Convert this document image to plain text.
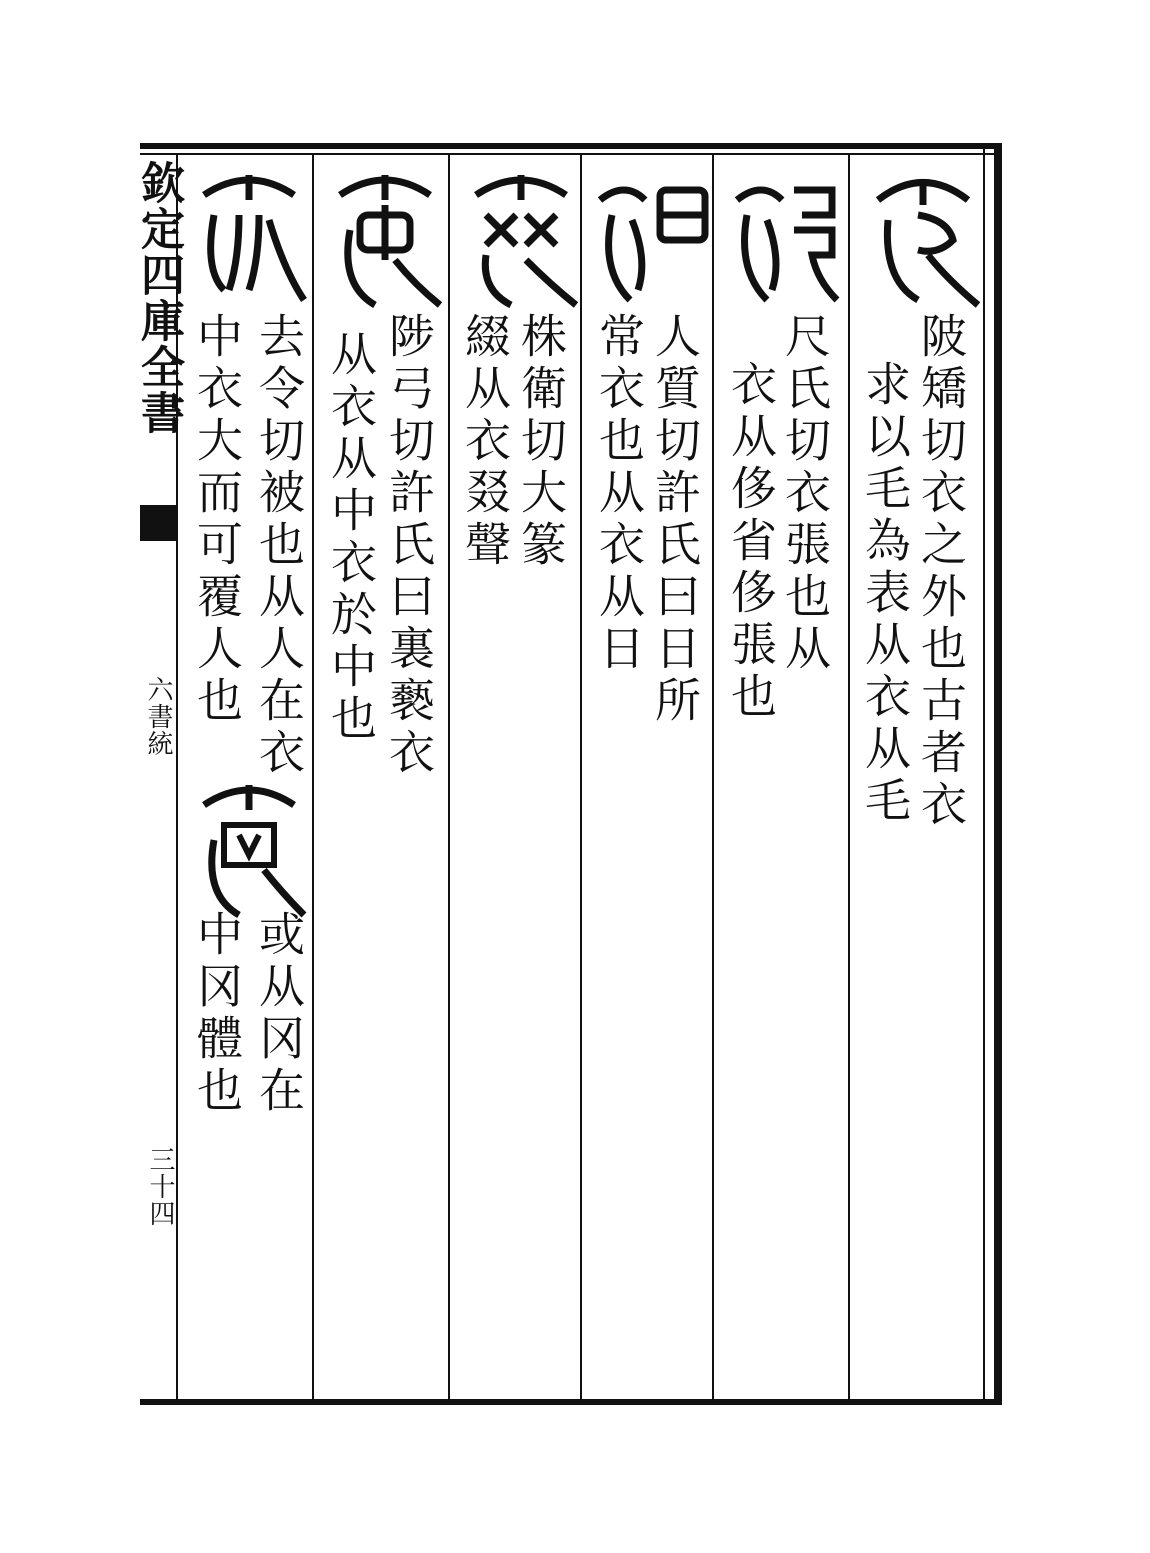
欽定四庫全書
六書統
三十四
陂矯切衣之外也古者衣
求以毛為表从衣从毛
尺氏切衣張也从
衣从侈省侈張也
人質切許氏曰日所
常衣也从衣从日
株衛切大篆
綴从衣叕聲
陟弓切許氏曰裏褻衣
从衣从中衣於中也
去令切被也从人在衣
中衣大而可覆人也
或从冈在
中冈體也
